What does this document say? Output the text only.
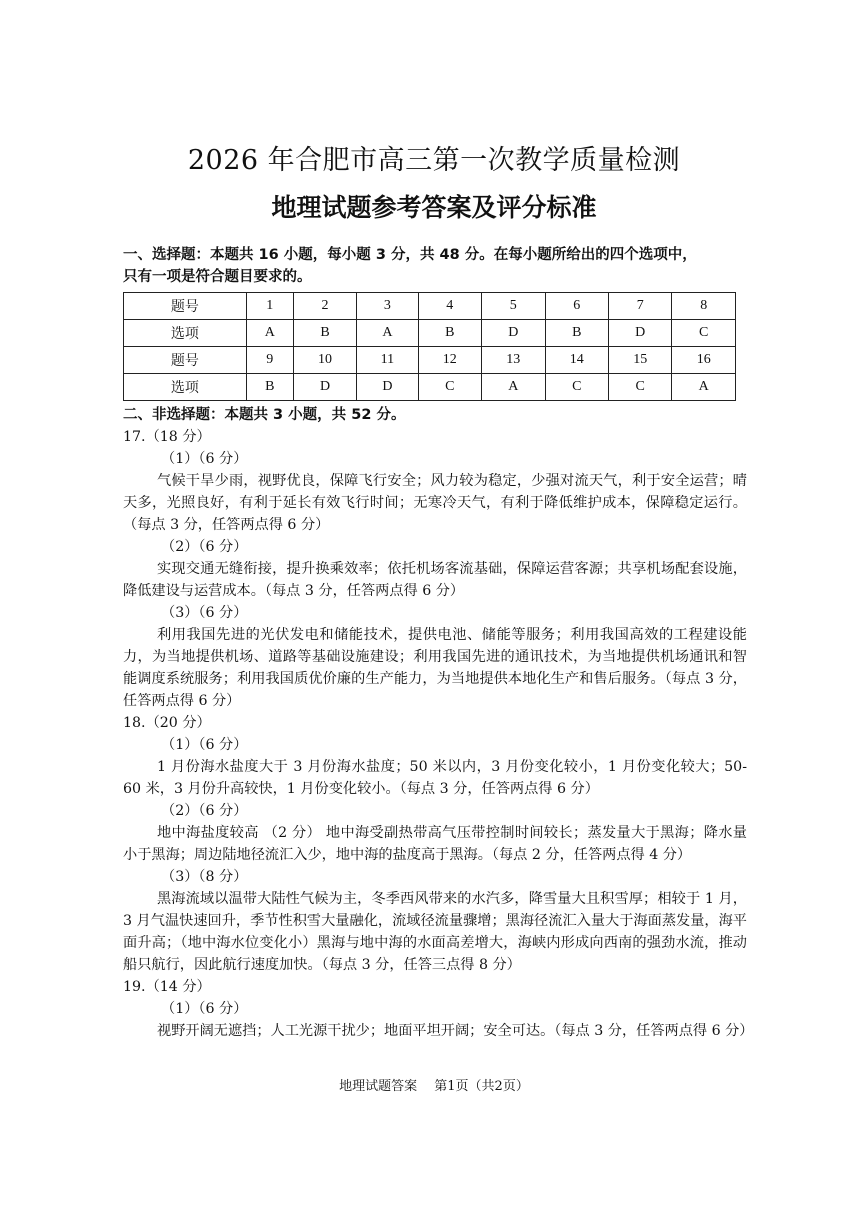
2026 年合肥市高三第一次教学质量检测
地理试题参考答案及评分标准
一、选择题：本题共 16 小题，每小题 3 分，共 48 分。在每小题所给出的四个选项中，
只有一项是符合题目要求的。
题号	1	2	3	4	5	6	7	8
选项	A	B	A	B	D	B	D	C
题号	9	10	11	12	13	14	15	16
选项	B	D	D	C	A	C	C	A
二、非选择题：本题共 3 小题，共 52 分。

17.（18 分）

（1）（6 分）

气候干旱少雨，视野优良，保障飞行安全；风力较为稳定，少强对流天气，利于安全运营；晴天多，光照良好，有利于延长有效飞行时间；无寒冷天气，有利于降低维护成本，保障稳定运行。（每点 3 分，任答两点得 6 分）

（2）（6 分）

实现交通无缝衔接，提升换乘效率；依托机场客流基础，保障运营客源；共享机场配套设施，降低建设与运营成本。（每点 3 分，任答两点得 6 分）

（3）（6 分）

利用我国先进的光伏发电和储能技术，提供电池、储能等服务；利用我国高效的工程建设能力，为当地提供机场、道路等基础设施建设；利用我国先进的通讯技术，为当地提供机场通讯和智能调度系统服务；利用我国质优价廉的生产能力，为当地提供本地化生产和售后服务。（每点 3 分，任答两点得 6 分）

18.（20 分）

（1）（6 分）

1 月份海水盐度大于 3 月份海水盐度；50 米以内，3 月份变化较小，1 月份变化较大；50-60 米，3 月份升高较快，1 月份变化较小。（每点 3 分，任答两点得 6 分）

（2）（6 分）

地中海盐度较高 （2 分） 地中海受副热带高气压带控制时间较长；蒸发量大于黑海；降水量小于黑海；周边陆地径流汇入少，地中海的盐度高于黑海。（每点 2 分，任答两点得 4 分）

（3）（8 分）

黑海流域以温带大陆性气候为主，冬季西风带来的水汽多，降雪量大且积雪厚；相较于 1 月，3 月气温快速回升，季节性积雪大量融化，流域径流量骤增；黑海径流汇入量大于海面蒸发量，海平面升高；（地中海水位变化小）黑海与地中海的水面高差增大，海峡内形成向西南的强劲水流，推动船只航行，因此航行速度加快。（每点 3 分，任答三点得 8 分）

19.（14 分）

（1）（6 分）

视野开阔无遮挡；人工光源干扰少；地面平坦开阔；安全可达。（每点 3 分，任答两点得 6 分）

地理试题答案 　第1页（共2页）
